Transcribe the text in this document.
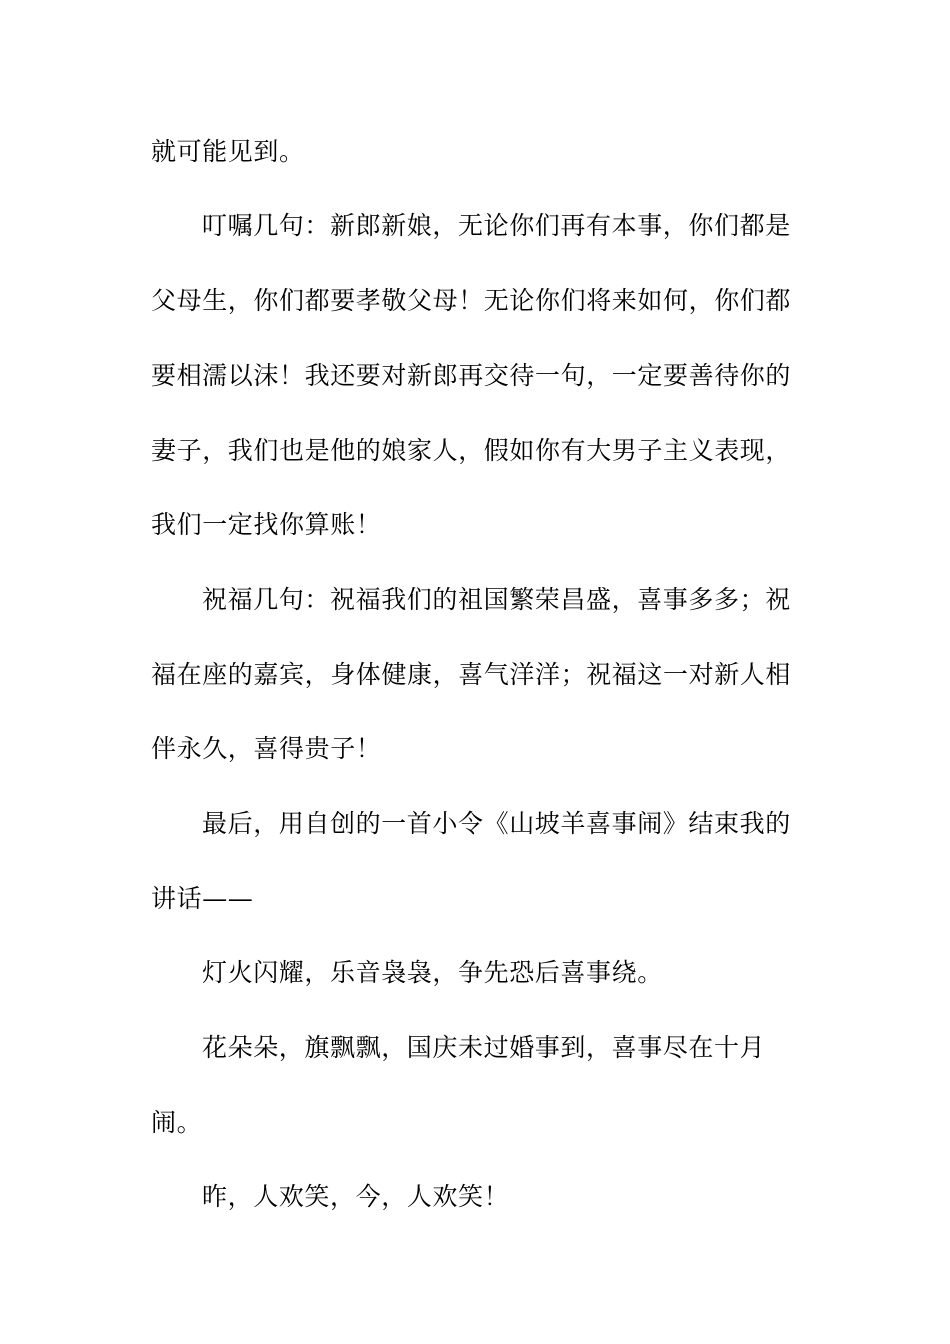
就可能见到。
叮嘱几句：新郎新娘，无论你们再有本事，你们都是
父母生，你们都要孝敬父母！无论你们将来如何，你们都
要相濡以沫！我还要对新郎再交待一句，一定要善待你的
妻子，我们也是他的娘家人，假如你有大男子主义表现，
我们一定找你算账！
祝福几句：祝福我们的祖国繁荣昌盛，喜事多多；祝
福在座的嘉宾，身体健康，喜气洋洋；祝福这一对新人相
伴永久，喜得贵子！
最后，用自创的一首小令《山坡羊喜事闹》结束我的
讲话——
灯火闪耀，乐音袅袅，争先恐后喜事绕。
花朵朵，旗飘飘，国庆未过婚事到，喜事尽在十月
闹。
昨，人欢笑，今，人欢笑！
